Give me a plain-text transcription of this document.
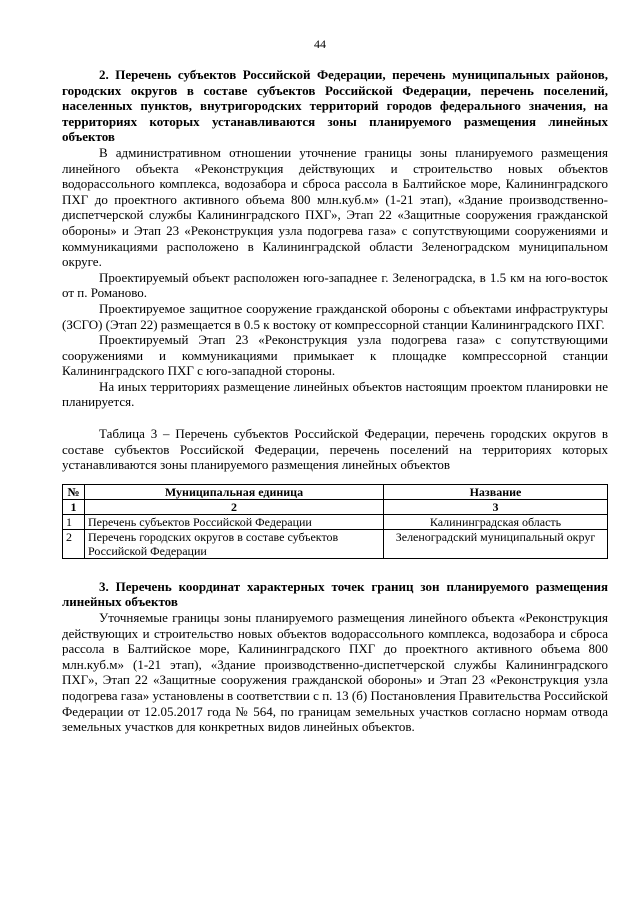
44

2. Перечень субъектов Российской Федерации, перечень муниципальных районов, городских округов в составе субъектов Российской Федерации, перечень поселений, населенных пунктов, внутригородских территорий городов федерального значения, на территориях которых устанавливаются зоны планируемого размещения линейных объектов

В административном отношении уточнение границы зоны планируемого размещения линейного объекта «Реконструкция действующих и строительство новых объектов водорассольного комплекса, водозабора и сброса рассола в Балтийское море, Калининградского ПХГ до проектного активного объема 800 млн.куб.м» (1-21 этап), «Здание производственно-диспетчерской службы Калининградского ПХГ», Этап 22 «Защитные сооружения гражданской обороны» и Этап 23 «Реконструкция узла подогрева газа» с сопутствующими сооружениями и коммуникациями расположено в Калининградской области Зеленоградском муниципальном округе.

Проектируемый объект расположен юго-западнее г. Зеленоградска, в 1.5 км на юго-восток от п. Романово.

Проектируемое защитное сооружение гражданской обороны с объектами инфраструктуры (ЗСГО) (Этап 22) размещается в 0.5 к востоку от компрессорной станции Калининградского ПХГ.

Проектируемый Этап 23 «Реконструкция узла подогрева газа» с сопутствующими сооружениями и коммуникациями примыкает к площадке компрессорной станции Калининградского ПХГ с юго-западной стороны.

На иных территориях размещение линейных объектов настоящим проектом планировки не планируется.

Таблица 3 – Перечень субъектов Российской Федерации, перечень городских округов в составе субъектов Российской Федерации, перечень поселений на территориях которых устанавливаются зоны планируемого размещения линейных объектов

№	Муниципальная единица	Название
1	2	3
1	Перечень субъектов Российской Федерации	Калининградская область
2	Перечень городских округов в составе субъектов Российской Федерации	Зеленоградский муниципальный округ

3. Перечень координат характерных точек границ зон планируемого размещения линейных объектов

Уточняемые границы зоны планируемого размещения линейного объекта «Реконструкция действующих и строительство новых объектов водорассольного комплекса, водозабора и сброса рассола в Балтийское море, Калининградского ПХГ до проектного активного объема 800 млн.куб.м» (1-21 этап), «Здание производственно-диспетчерской службы Калининградского ПХГ», Этап 22 «Защитные сооружения гражданской обороны» и Этап 23 «Реконструкция узла подогрева газа» установлены в соответствии с п. 13 (б) Постановления Правительства Российской Федерации от 12.05.2017 года № 564, по границам земельных участков согласно нормам отвода земельных участков для конкретных видов линейных объектов.
